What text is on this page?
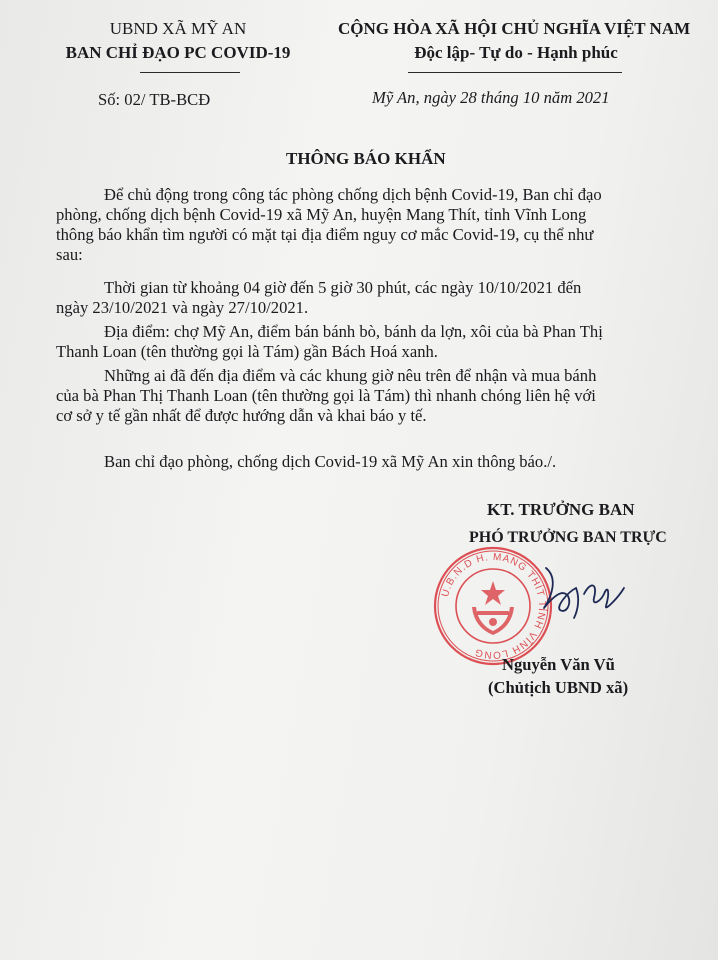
UBND XÃ MỸ AN
BAN CHỈ ĐẠO PC COVID-19
CỘNG HÒA XÃ HỘI CHỦ NGHĨA VIỆT NAM
Độc lập- Tự do - Hạnh phúc
Số: 02/ TB-BCĐ	Mỹ An, ngày 28 tháng 10 năm 2021
THÔNG BÁO KHẨN
Để chủ động trong công tác phòng chống dịch bệnh Covid-19, Ban chỉ đạo
phòng, chống dịch bệnh Covid-19 xã Mỹ An, huyện Mang Thít, tỉnh Vĩnh Long
thông báo khẩn tìm người có mặt tại địa điểm nguy cơ mắc Covid-19, cụ thể như
sau:
Thời gian từ khoảng 04 giờ đến 5 giờ 30 phút, các ngày 10/10/2021 đến
ngày 23/10/2021 và ngày 27/10/2021.
Địa điểm: chợ Mỹ An, điểm bán bánh bò, bánh da lợn, xôi của bà Phan Thị
Thanh Loan (tên thường gọi là Tám) gần Bách Hoá xanh.
Những ai đã đến địa điểm và các khung giờ nêu trên để nhận và mua bánh
của bà Phan Thị Thanh Loan (tên thường gọi là Tám) thì nhanh chóng liên hệ với
cơ sở y tế gần nhất để được hướng dẫn và khai báo y tế.
Ban chỉ đạo phòng, chống dịch Covid-19 xã Mỹ An xin thông báo./.
KT. TRƯỞNG BAN
PHÓ TRƯỞNG BAN TRỰC
U.B.N.D H. MANG THÍT TỈNH VĨNH LONG
Nguyễn Văn Vũ
(Chủtịch UBND xã)
